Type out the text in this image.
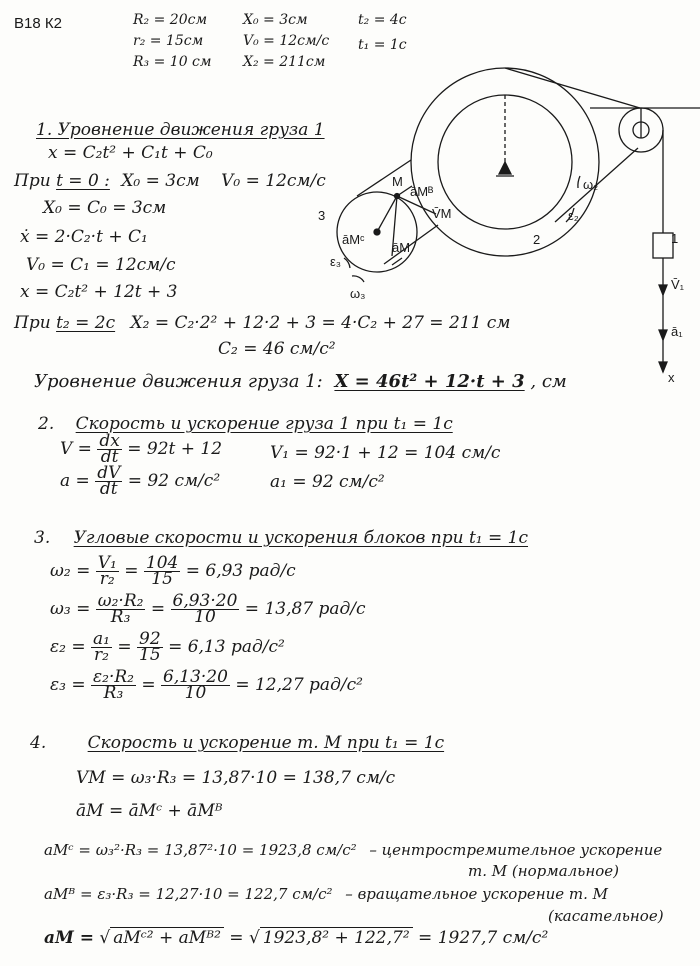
В18 К2	R₂ = 20см
r₂ = 15см
R₃ = 10 см
X₀ = 3см
V₀ = 12см/с
X₂ = 211см
t₂ = 4с
t₁ = 1с
1
2
3
M
āМᴮ
V̄М
āМᶜ
āМ
ω₂
ε₂
ω₃
ε₃
V̄₁
ā₁
x
1. Уровнение движения груза 1
x = C₂t² + C₁t + C₀
При t = 0 : X₀ = 3см V₀ = 12см/с
X₀ = C₀ = 3см
ẋ = 2·C₂·t + C₁
V₀ = C₁ = 12см/с
x = C₂t² + 12t + 3
При t₂ = 2с X₂ = C₂·2² + 12·2 + 3 = 4·C₂ + 27 = 211 см
C₂ = 46 см/с²
Уровнение движения груза 1: X = 46t² + 12·t + 3 , см
2. Скорость и ускорение груза 1 при t₁ = 1с
$V = \frac{dx}{dt} = 92t + 12$
$a = \frac{dV}{dt} = 92$ см/с²
V₁ = 92·1 + 12 = 104 см/с
a₁ = 92 см/с²
3. Угловые скорости и ускорения блоков при t₁ = 1с
$\omega_2 = \frac{\text{V₁}}{\text{r₂}} = \frac{104}{15} = 6,93$ рад/с
$\omega_3 = \frac{\text{ω₂·R₂}}{\text{R₃}} = \frac{6,93\cdot 20}{10} = 13,87$ рад/с
$\varepsilon_2 = \frac{\text{a₁}}{\text{r₂}} = \frac{92}{15} = 6,13$ рад/с²
$\varepsilon_3 = \frac{\text{ε₂·R₂}}{\text{R₃}} = \frac{6,13\cdot 20}{10} = 12,27$ рад/с²
4. Скорость и ускорение т. М при t₁ = 1с
VМ = ω₃·R₃ = 13,87·10 = 138,7 см/с
āМ = āМᶜ + āМᴮ
aМᶜ = ω₃²·R₃ = 13,87²·10 = 1923,8 см/с² – центростремительное ускорение
т. М (нормальное)
aМᴮ = ε₃·R₃ = 12,27·10 = 122,7 см/с² – вращательное ускорение т. М
(касательное)
aМ = √ aМᶜ² + aМᴮ² = √ 1923,8² + 122,7² = 1927,7 см/с²
